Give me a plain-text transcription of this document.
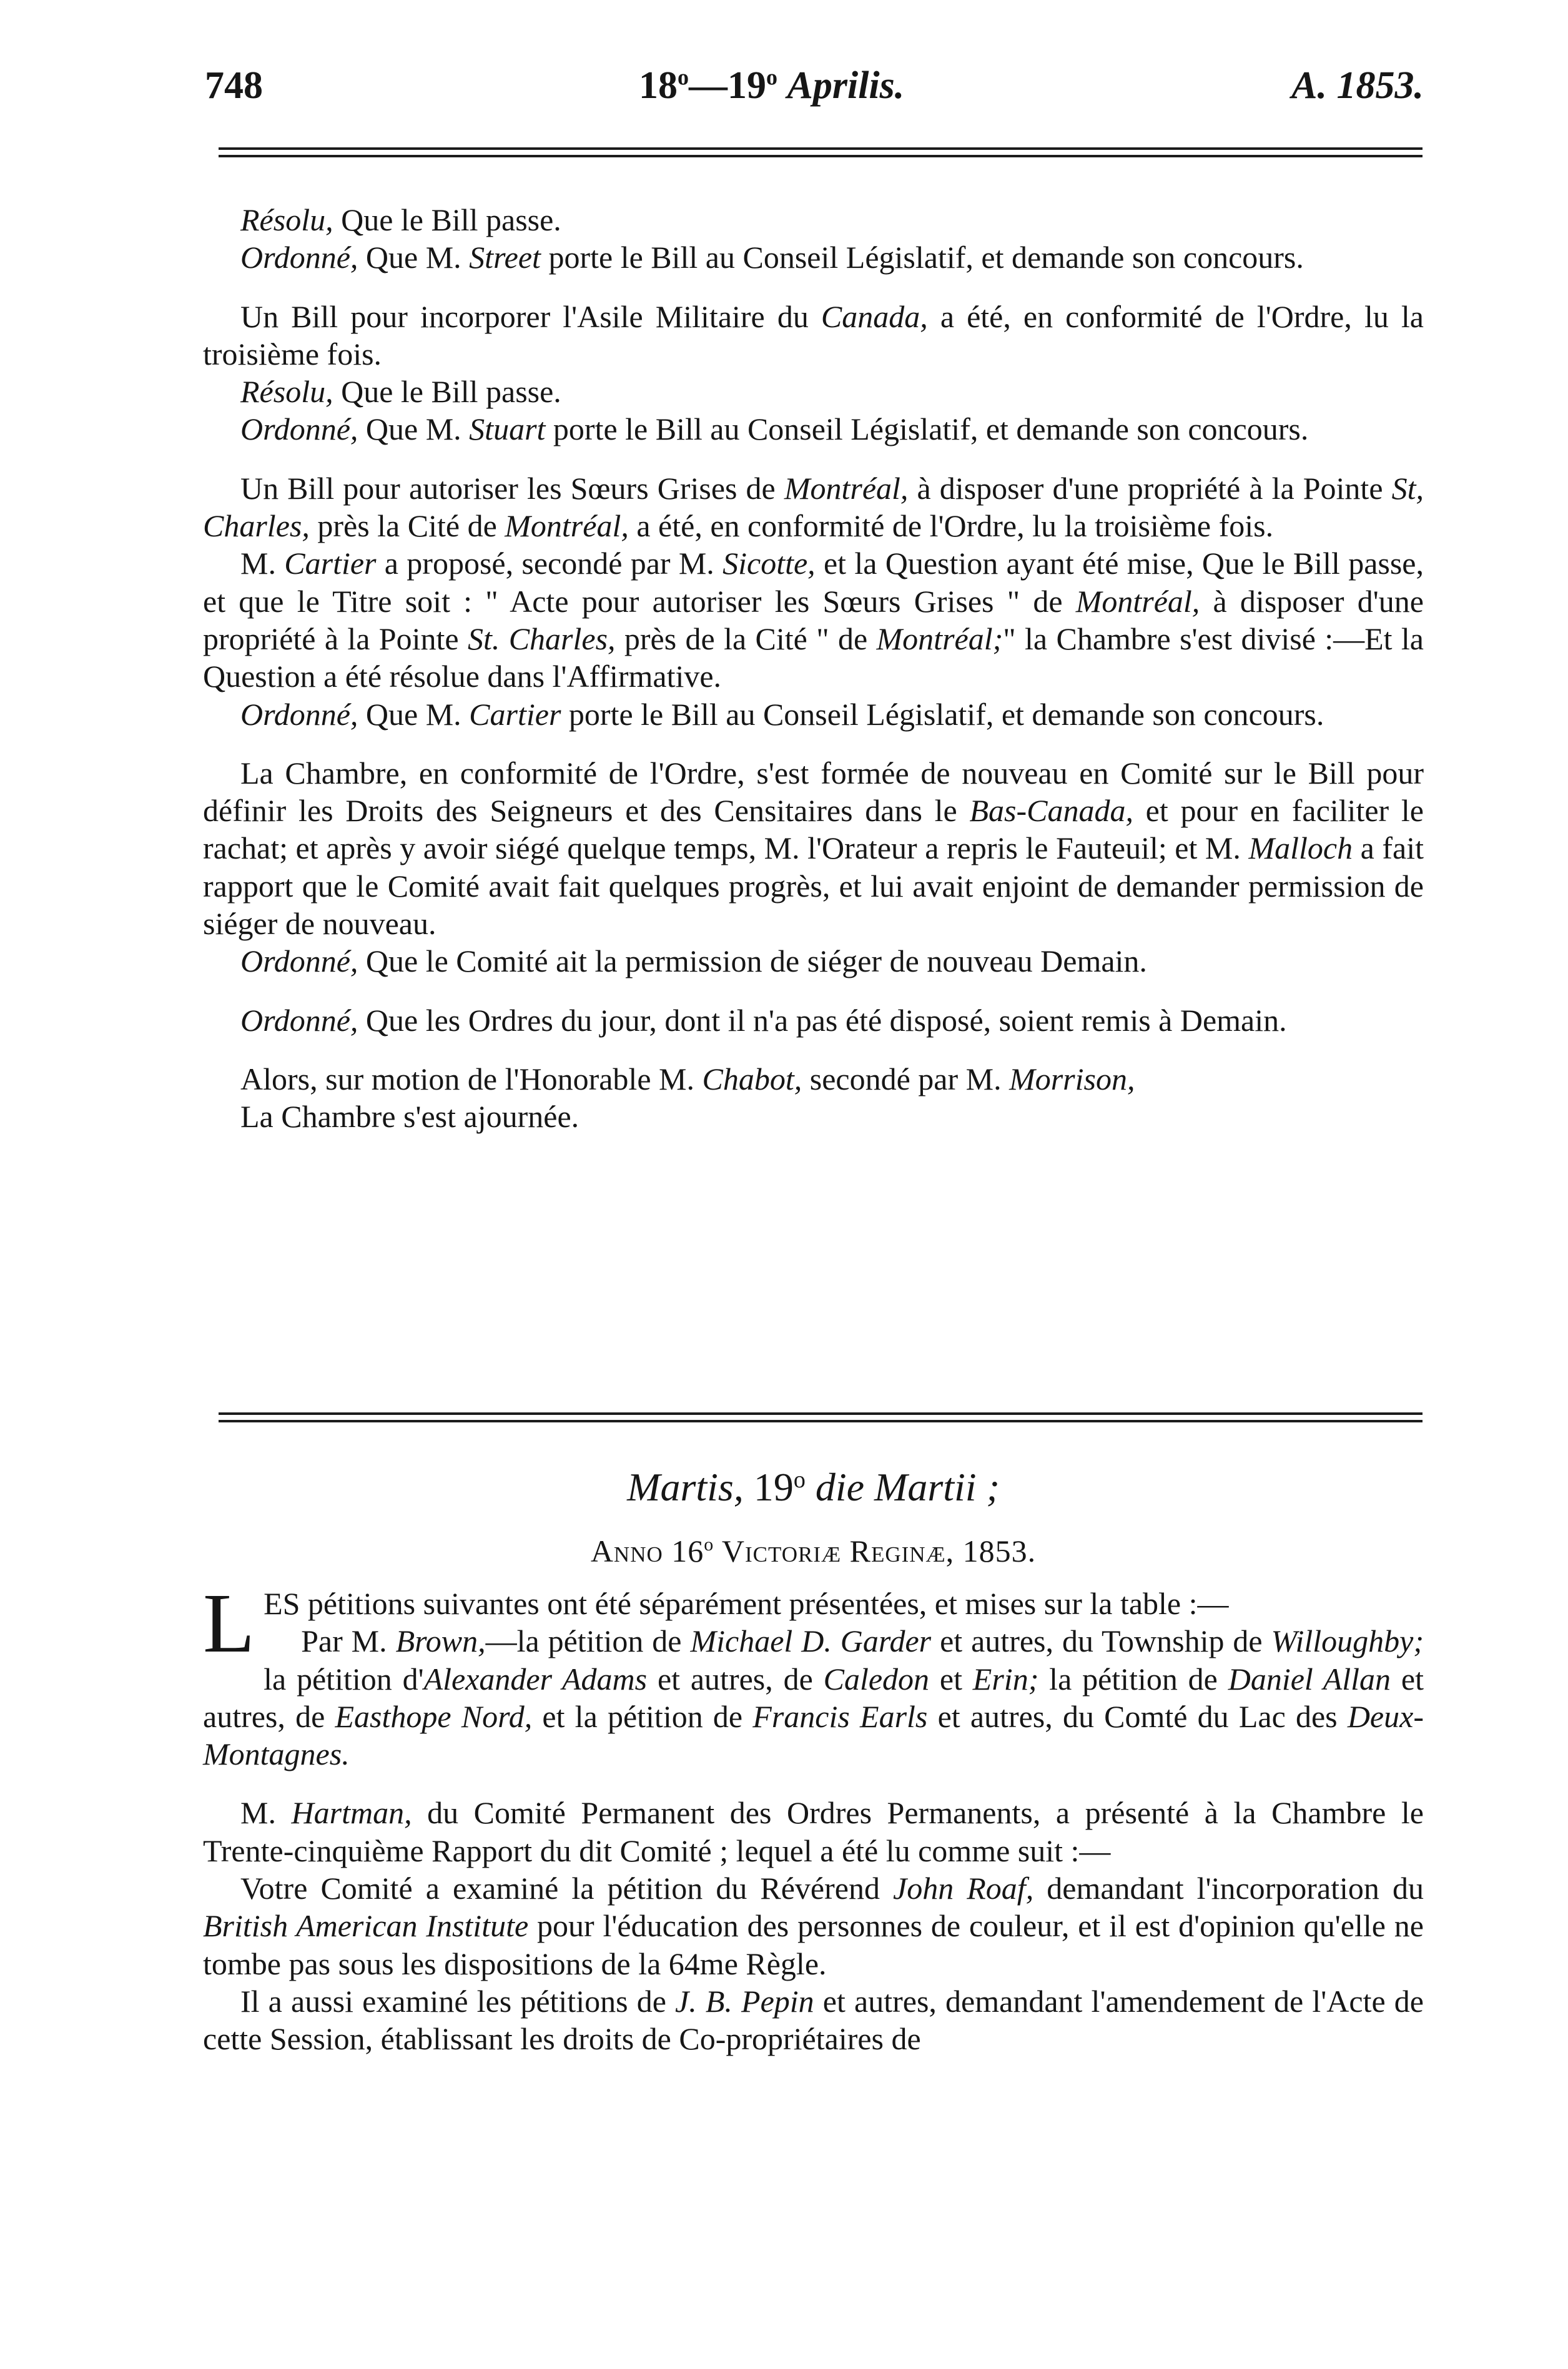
748	18$^o$—19$^o$ Aprilis.	A. 1853.

Résolu, Que le Bill passe.

Ordonné, Que M. Street porte le Bill au Conseil Législatif, et demande son concours.

Un Bill pour incorporer l'Asile Militaire du Canada, a été, en conformité de l'Ordre, lu la troisième fois.

Résolu, Que le Bill passe.

Ordonné, Que M. Stuart porte le Bill au Conseil Législatif, et demande son concours.

Un Bill pour autoriser les Sœurs Grises de Montréal, à disposer d'une propriété à la Pointe St, Charles, près la Cité de Montréal, a été, en conformité de l'Ordre, lu la troisième fois.

M. Cartier a proposé, secondé par M. Sicotte, et la Question ayant été mise, Que le Bill passe, et que le Titre soit : " Acte pour autoriser les Sœurs Grises " de Montréal, à disposer d'une propriété à la Pointe St. Charles, près de la Cité " de Montréal;" la Chambre s'est divisé :—Et la Question a été résolue dans l'Affirmative.

Ordonné, Que M. Cartier porte le Bill au Conseil Législatif, et demande son concours.

La Chambre, en conformité de l'Ordre, s'est formée de nouveau en Comité sur le Bill pour définir les Droits des Seigneurs et des Censitaires dans le Bas-Canada, et pour en faciliter le rachat; et après y avoir siégé quelque temps, M. l'Orateur a repris le Fauteuil; et M. Malloch a fait rapport que le Comité avait fait quelques progrès, et lui avait enjoint de demander permission de siéger de nouveau.

Ordonné, Que le Comité ait la permission de siéger de nouveau Demain.

Ordonné, Que les Ordres du jour, dont il n'a pas été disposé, soient remis à Demain.

Alors, sur motion de l'Honorable M. Chabot, secondé par M. Morrison,

La Chambre s'est ajournée.

Martis, 19$^o$ die Martii ;
Anno 16$^o$ Victoriæ Reginæ, 1853.

LES pétitions suivantes ont été séparément présentées, et mises sur la table :—

Par M. Brown,—la pétition de Michael D. Garder et autres, du Township de Willoughby; la pétition d'Alexander Adams et autres, de Caledon et Erin; la pétition de Daniel Allan et autres, de Easthope Nord, et la pétition de Francis Earls et autres, du Comté du Lac des Deux-Montagnes.

M. Hartman, du Comité Permanent des Ordres Permanents, a présenté à la Chambre le Trente-cinquième Rapport du dit Comité ; lequel a été lu comme suit :—

Votre Comité a examiné la pétition du Révérend John Roaf, demandant l'incorporation du British American Institute pour l'éducation des personnes de couleur, et il est d'opinion qu'elle ne tombe pas sous les dispositions de la 64me Règle.

Il a aussi examiné les pétitions de J. B. Pepin et autres, demandant l'amendement de l'Acte de cette Session, établissant les droits de Co-propriétaires de
